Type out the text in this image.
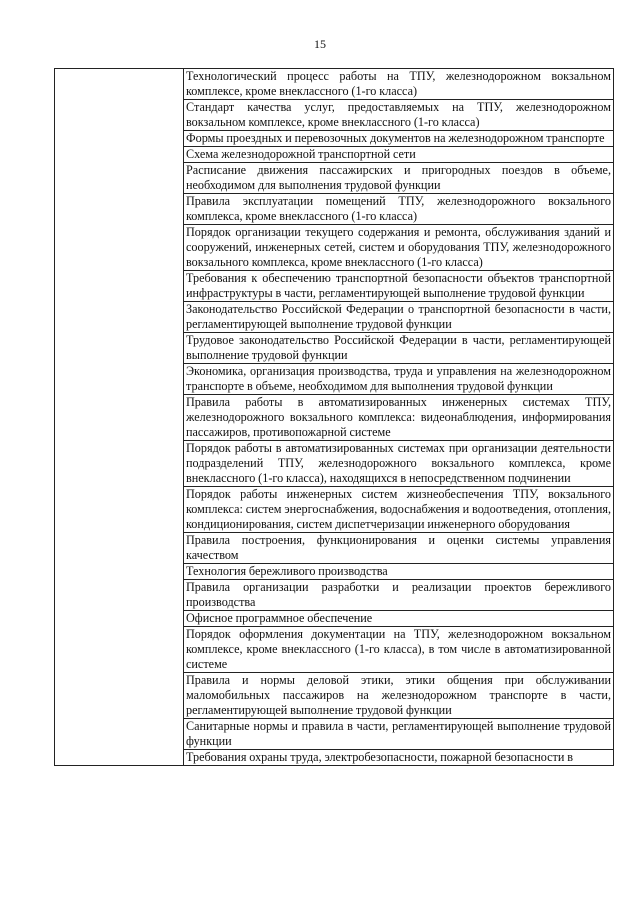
15

Технологический процесс работы на ТПУ, железнодорожном вокзальном комплексе, кроме внеклассного (1-го класса)

Стандарт качества услуг, предоставляемых на ТПУ, железнодорожном вокзальном комплексе, кроме внеклассного (1-го класса)

Формы проездных и перевозочных документов на железнодорожном транспорте

Схема железнодорожной транспортной сети

Расписание движения пассажирских и пригородных поездов в объеме, необходимом для выполнения трудовой функции

Правила эксплуатации помещений ТПУ, железнодорожного вокзального комплекса, кроме внеклассного (1-го класса)

Порядок организации текущего содержания и ремонта, обслуживания зданий и сооружений, инженерных сетей, систем и оборудования ТПУ, железнодорожного вокзального комплекса, кроме внеклассного (1-го класса)

Требования к обеспечению транспортной безопасности объектов транспортной инфраструктуры в части, регламентирующей выполнение трудовой функции

Законодательство Российской Федерации о транспортной безопасности в части, регламентирующей выполнение трудовой функции

Трудовое законодательство Российской Федерации в части, регламентирующей выполнение трудовой функции

Экономика, организация производства, труда и управления на железнодорожном транспорте в объеме, необходимом для выполнения трудовой функции

Правила работы в автоматизированных инженерных системах ТПУ, железнодорожного вокзального комплекса: видеонаблюдения, информирования пассажиров, противопожарной системе

Порядок работы в автоматизированных системах при организации деятельности подразделений ТПУ, железнодорожного вокзального комплекса, кроме внеклассного (1-го класса), находящихся в непосредственном подчинении

Порядок работы инженерных систем жизнеобеспечения ТПУ, вокзального комплекса: систем энергоснабжения, водоснабжения и водоотведения, отопления, кондиционирования, систем диспетчеризации инженерного оборудования

Правила построения, функционирования и оценки системы управления качеством

Технология бережливого производства

Правила организации разработки и реализации проектов бережливого производства

Офисное программное обеспечение

Порядок оформления документации на ТПУ, железнодорожном вокзальном комплексе, кроме внеклассного (1-го класса), в том числе в автоматизированной системе

Правила и нормы деловой этики, этики общения при обслуживании маломобильных пассажиров на железнодорожном транспорте в части, регламентирующей выполнение трудовой функции

Санитарные нормы и правила в части, регламентирующей выполнение трудовой функции

Требования охраны труда, электробезопасности, пожарной безопасности в
